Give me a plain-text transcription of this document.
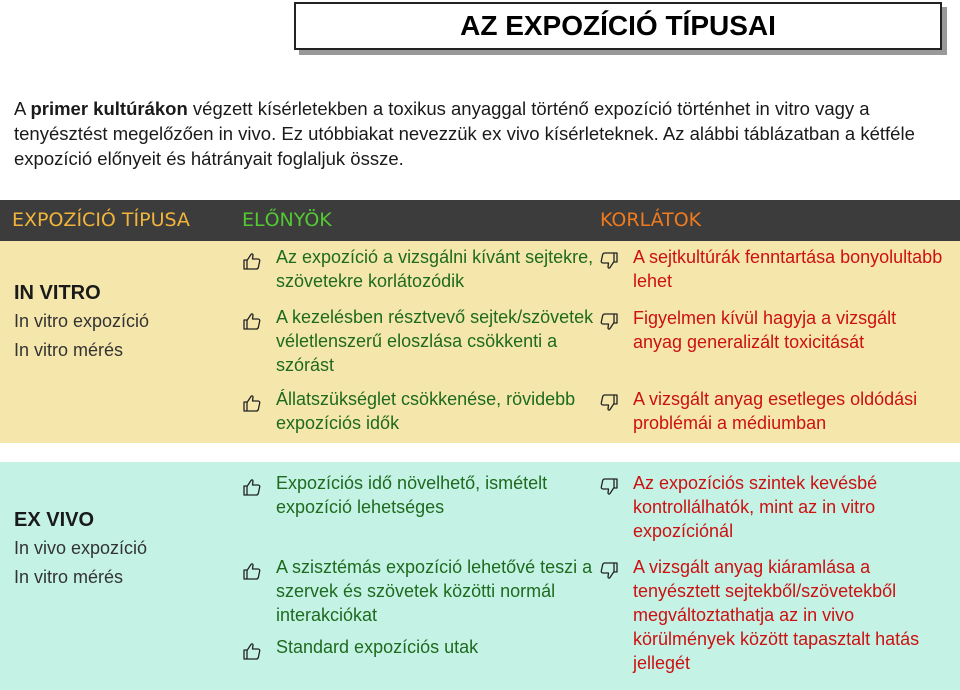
AZ EXPOZÍCIÓ TÍPUSAI

A primer kultúrákon végzett kísérletekben a toxikus anyaggal történő expozíció történhet in vitro vagy a tenyésztést megelőzően in vivo. Ez utóbbiakat nevezzük ex vivo kísérleteknek. Az alábbi táblázatban a kétféle expozíció előnyeit és hátrányait foglaljuk össze.

EXPOZÍCIÓ TÍPUSA	ELŐNYÖK	KORLÁTOK
IN VITRO
In vitro expozíció
In vitro mérés
Az expozíció a vizsgálni kívánt sejtekre, szövetekre korlátozódik
A kezelésben résztvevő sejtek/szövetek véletlenszerű eloszlása csökkenti a szórást
Állatszükséglet csökkenése, rövidebb expozíciós idők
A sejtkultúrák fenntartása bonyolultabb lehet
Figyelmen kívül hagyja a vizsgált anyag generalizált toxicitását
A vizsgált anyag esetleges oldódási problémái a médiumban
EX VIVO
In vivo expozíció
In vitro mérés
Expozíciós idő növelhető, ismételt expozíció lehetséges
A szisztémás expozíció lehetővé teszi a szervek és szövetek közötti normál interakciókat
Standard expozíciós utak
Az expozíciós szintek kevésbé kontrollálhatók, mint az in vitro expozíciónál
A vizsgált anyag kiáramlása a tenyésztett sejtekből/szövetekből megváltoztathatja az in vivo körülmények között tapasztalt hatás jellegét
